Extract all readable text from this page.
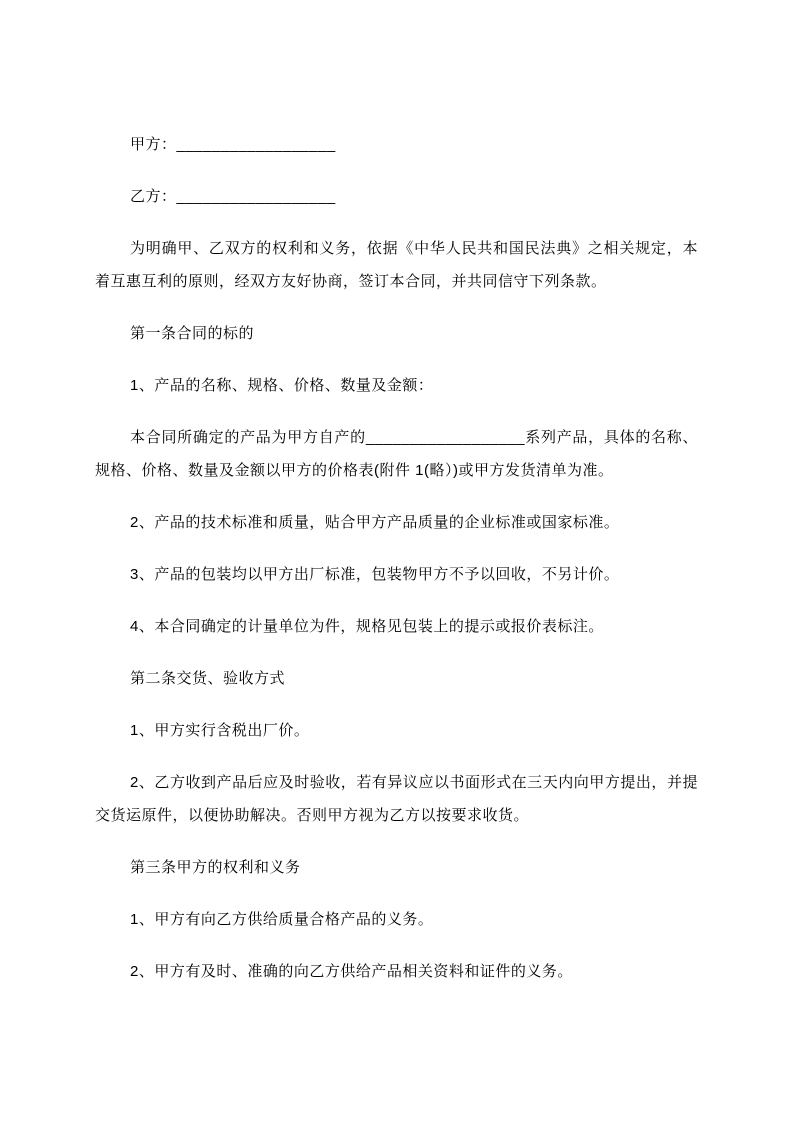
甲方：__________________

乙方：__________________

为明确甲、乙双方的权利和义务，依据《中华人民共和国民法典》之相关规定，本着互惠互利的原则，经双方友好协商，签订本合同，并共同信守下列条款。

第一条合同的标的

1、产品的名称、规格、价格、数量及金额：

本合同所确定的产品为甲方自产的__________________系列产品，具体的名称、规格、价格、数量及金额以甲方的价格表(附件 1(略）)或甲方发货清单为准。

2、产品的技术标准和质量，贴合甲方产品质量的企业标准或国家标准。

3、产品的包装均以甲方出厂标准，包装物甲方不予以回收，不另计价。

4、本合同确定的计量单位为件，规格见包装上的提示或报价表标注。

第二条交货、验收方式

1、甲方实行含税出厂价。

2、乙方收到产品后应及时验收，若有异议应以书面形式在三天内向甲方提出，并提交货运原件，以便协助解决。否则甲方视为乙方以按要求收货。

第三条甲方的权利和义务

1、甲方有向乙方供给质量合格产品的义务。

2、甲方有及时、准确的向乙方供给产品相关资料和证件的义务。
